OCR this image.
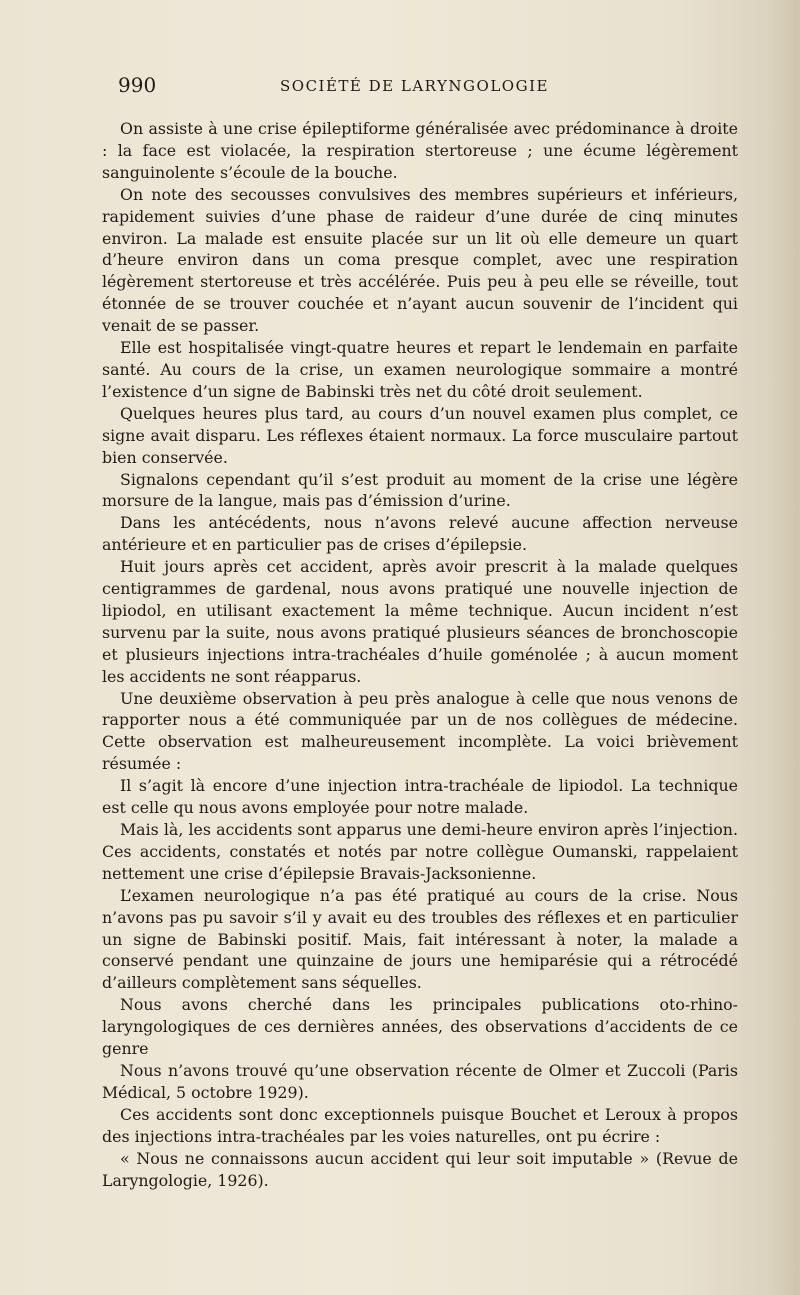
990	SOCIÉTÉ DE LARYNGOLOGIE

On assiste à une crise épileptiforme généralisée avec prédominance à droite : la face est violacée, la respiration stertoreuse ; une écume légèrement sanguinolente s’écoule de la bouche.

On note des secousses convulsives des membres supérieurs et inférieurs, rapidement suivies d’une phase de raideur d’une durée de cinq minutes environ. La malade est ensuite placée sur un lit où elle demeure un quart d’heure environ dans un coma presque complet, avec une respiration légèrement stertoreuse et très accélérée. Puis peu à peu elle se réveille, tout étonnée de se trouver couchée et n’ayant aucun souvenir de l’incident qui venait de se passer.

Elle est hospitalisée vingt-quatre heures et repart le lendemain en parfaite santé. Au cours de la crise, un examen neurologique sommaire a montré l’existence d’un signe de Babinski très net du côté droit seulement.

Quelques heures plus tard, au cours d’un nouvel examen plus complet, ce signe avait disparu. Les réflexes étaient normaux. La force musculaire partout bien conservée.

Signalons cependant qu’il s’est produit au moment de la crise une légère morsure de la langue, mais pas d’émission d’urine.

Dans les antécédents, nous n’avons relevé aucune affection nerveuse antérieure et en particulier pas de crises d’épilepsie.

Huit jours après cet accident, après avoir prescrit à la malade quelques centigrammes de gardenal, nous avons pratiqué une nouvelle injection de lipiodol, en utilisant exactement la même technique. Aucun incident n’est survenu par la suite, nous avons pratiqué plusieurs séances de bronchoscopie et plusieurs injections intra-trachéales d’huile goménolée ; à aucun moment les accidents ne sont réapparus.

Une deuxième observation à peu près analogue à celle que nous venons de rapporter nous a été communiquée par un de nos collègues de médecine. Cette observation est malheureusement incomplète. La voici brièvement résumée :

Il s’agit là encore d’une injection intra-trachéale de lipiodol. La technique est celle qu nous avons employée pour notre malade.

Mais là, les accidents sont apparus une demi-heure environ après l’injection. Ces accidents, constatés et notés par notre collègue Oumanski, rappelaient nettement une crise d’épilepsie Bravais-Jacksonienne.

L’examen neurologique n’a pas été pratiqué au cours de la crise. Nous n’avons pas pu savoir s’il y avait eu des troubles des réflexes et en particulier un signe de Babinski positif. Mais, fait intéressant à noter, la malade a conservé pendant une quinzaine de jours une hemiparésie qui a rétrocédé d’ailleurs complètement sans séquelles.

Nous avons cherché dans les principales publications oto-rhino-laryngologiques de ces dernières années, des observations d’accidents de ce genre

Nous n’avons trouvé qu’une observation récente de Olmer et Zuccoli (Paris Médical, 5 octobre 1929).

Ces accidents sont donc exceptionnels puisque Bouchet et Leroux à propos des injections intra-trachéales par les voies naturelles, ont pu écrire :

« Nous ne connaissons aucun accident qui leur soit imputable » (Revue de Laryngologie, 1926).
